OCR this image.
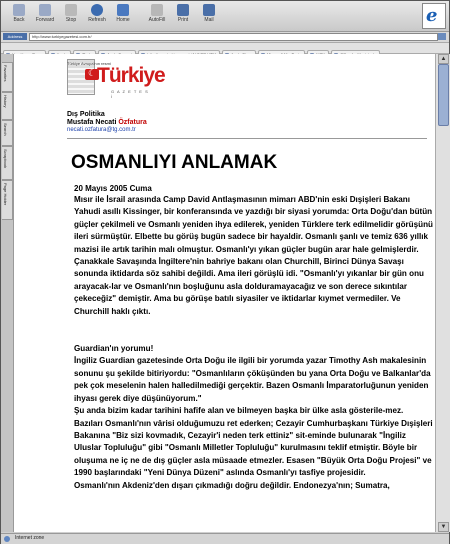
Back	Forward	Stop	Refresh	Home	AutoFill	Print	Mail	e
Address	http://www.turkiyegazetesi.com.tr/
Favorites
History
Search
Scrapbook
Page Holder
Türkiye Avrupa'nın resmi
☾
Türkiye
G A Z E T E S İ
Dış Politika
Mustafa Necati Özfatura
necati.ozfatura@tg.com.tr
OSMANLIYI ANLAMAK
20 Mayıs 2005 Cuma

Mısır ile İsrail arasında Camp David Antlaşmasının mimarı ABD'nin eski Dışişleri Bakanı Yahudi asıllı Kissinger, bir konferansında ve yazdığı bir siyasi yorumda: Orta Doğu'dan bütün güçler çekilmeli ve Osmanlı yeniden ihya edilerek, yeniden Türklere terk edilmelidir görüşünü ileri sürmüştür. Elbette bu görüş bugün sadece bir hayaldir. Osmanlı şanlı ve temiz 636 yıllık mazisi ile artık tarihin malı olmuştur. Osmanlı'yı yıkan güçler bugün arar hale gelmişlerdir. Çanakkale Savaşında İngiltere'nin bahriye bakanı olan Churchill, Birinci Dünya Savaşı sonunda iktidarda söz sahibi değildi. Ama ileri görüşlü idi. "Osmanlı'yı yıkanlar bir gün onu arayacak-lar ve Osmanlı'nın boşluğunu asla dolduramayacağız ve son derece sıkıntılar çekeceğiz" demiştir. Ama bu görüşe batılı siyasiler ve iktidarlar kıymet vermediler. Ve Churchill haklı çıktı.

Guardian'ın yorumu!

İngiliz Guardian gazetesinde Orta Doğu ile ilgili bir yorumda yazar Timothy Ash makalesinin sonunu şu şekilde bitiriyordu: "Osmanlıların çöküşünden bu yana Orta Doğu ve Balkanlar'da pek çok meselenin halen halledilmediği gerçektir. Bazen Osmanlı İmparatorluğunun yeniden ihyası gerek diye düşünüyorum."

Şu anda bizim kadar tarihini hafife alan ve bilmeyen başka bir ülke asla gösterile-mez. Bazıları Osmanlı'nın vârisi olduğumuzu ret ederken; Cezayir Cumhurbaşkanı Türkiye Dışişleri Bakanına "Biz sizi kovmadık, Cezayir'i neden terk ettiniz" sit-eminde bulunarak "İngiliz Uluslar Topluluğu" gibi "Osmanlı Milletler Topluluğu" kurulmasını teklif etmiştir. Böyle bir oluşuma ne iç ne de dış güçler asla müsaade etmezler. Esasen "Büyük Orta Doğu Projesi" ve 1990 başlarındaki "Yeni Dünya Düzeni" aslında Osmanlı'yı tasfiye projesidir.

Osmanlı'nın Akdeniz'den dışarı çıkmadığı doğru değildir. Endonezya'nın; Sumatra,

▲
▼
Internet zone
